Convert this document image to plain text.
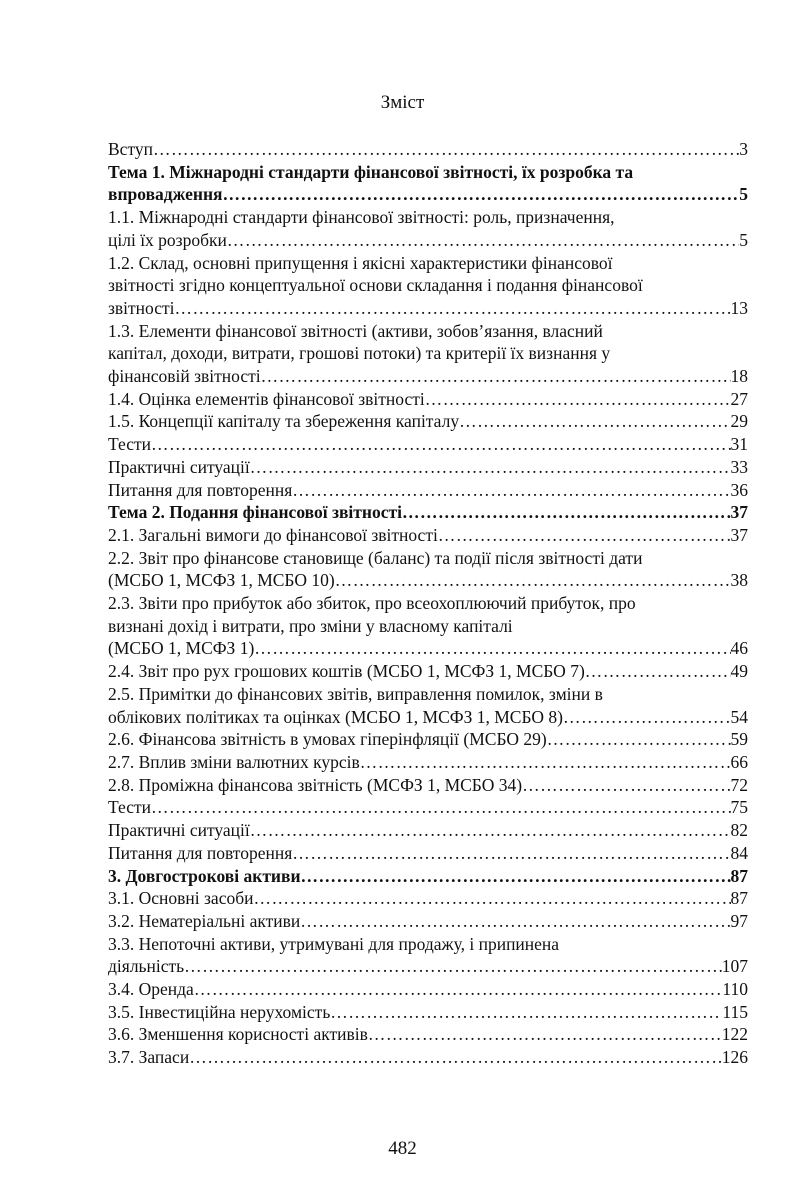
Зміст
Вступ ……………………………………………………………………………………………………………………………………………………………………………………	3
Тема 1. Міжнародні стандарти фінансової звітності, їх розробка та
впровадження ……………………………………………………………………………………………………………………………………………………………………………………	5
1.1. Міжнародні стандарти фінансової звітності: роль, призначення,
цілі їх розробки ……………………………………………………………………………………………………………………………………………………………………………………	5
1.2. Склад, основні припущення і якісні характеристики фінансової
звітності згідно концептуальної основи складання і подання фінансової
звітності ……………………………………………………………………………………………………………………………………………………………………………………	13
1.3. Елементи фінансової звітності (активи, зобов’язання, власний
капітал, доходи, витрати, грошові потоки) та критерії їх визнання у
фінансовій звітності ……………………………………………………………………………………………………………………………………………………………………………………	18
1.4. Оцінка елементів фінансової звітності ……………………………………………………………………………………………………………………………………………………………………………………	27
1.5. Концепції капіталу та збереження капіталу ……………………………………………………………………………………………………………………………………………………………………………………	29
Тести ……………………………………………………………………………………………………………………………………………………………………………………	31
Практичні ситуації ……………………………………………………………………………………………………………………………………………………………………………………	33
Питання для повторення ……………………………………………………………………………………………………………………………………………………………………………………	36
Тема 2. Подання фінансової звітності ……………………………………………………………………………………………………………………………………………………………………………………	37
2.1. Загальні вимоги до фінансової звітності ……………………………………………………………………………………………………………………………………………………………………………………	37
2.2. Звіт про фінансове становище (баланс) та події після звітності дати
(МСБО 1, МСФЗ 1, МСБО 10) ……………………………………………………………………………………………………………………………………………………………………………………	38
2.3. Звіти про прибуток або збиток, про всеохоплюючий прибуток, про
визнані дохід і витрати, про зміни у власному капіталі
(МСБО 1, МСФЗ 1) ……………………………………………………………………………………………………………………………………………………………………………………	46
2.4. Звіт про рух грошових коштів (МСБО 1, МСФЗ 1, МСБО 7) ……………………………………………………………………………………………………………………………………………………………………………………	49
2.5. Примітки до фінансових звітів, виправлення помилок, зміни в
облікових політиках та оцінках (МСБО 1, МСФЗ 1, МСБО 8) ……………………………………………………………………………………………………………………………………………………………………………………	54
2.6. Фінансова звітність в умовах гіперінфляції (МСБО 29) ……………………………………………………………………………………………………………………………………………………………………………………	59
2.7. Вплив зміни валютних курсів ……………………………………………………………………………………………………………………………………………………………………………………	66
2.8. Проміжна фінансова звітність (МСФЗ 1, МСБО 34) ……………………………………………………………………………………………………………………………………………………………………………………	72
Тести ……………………………………………………………………………………………………………………………………………………………………………………	75
Практичні ситуації ……………………………………………………………………………………………………………………………………………………………………………………	82
Питання для повторення ……………………………………………………………………………………………………………………………………………………………………………………	84
3. Довгострокові активи ……………………………………………………………………………………………………………………………………………………………………………………	87
3.1. Основні засоби ……………………………………………………………………………………………………………………………………………………………………………………	87
3.2. Нематеріальні активи ……………………………………………………………………………………………………………………………………………………………………………………	97
3.3. Непоточні активи, утримувані для продажу, і припинена
діяльність ……………………………………………………………………………………………………………………………………………………………………………………	107
3.4. Оренда ……………………………………………………………………………………………………………………………………………………………………………………	110
3.5. Інвестиційна нерухомість ……………………………………………………………………………………………………………………………………………………………………………………	115
3.6. Зменшення корисності активів ……………………………………………………………………………………………………………………………………………………………………………………	122
3.7. Запаси ……………………………………………………………………………………………………………………………………………………………………………………	126
482
